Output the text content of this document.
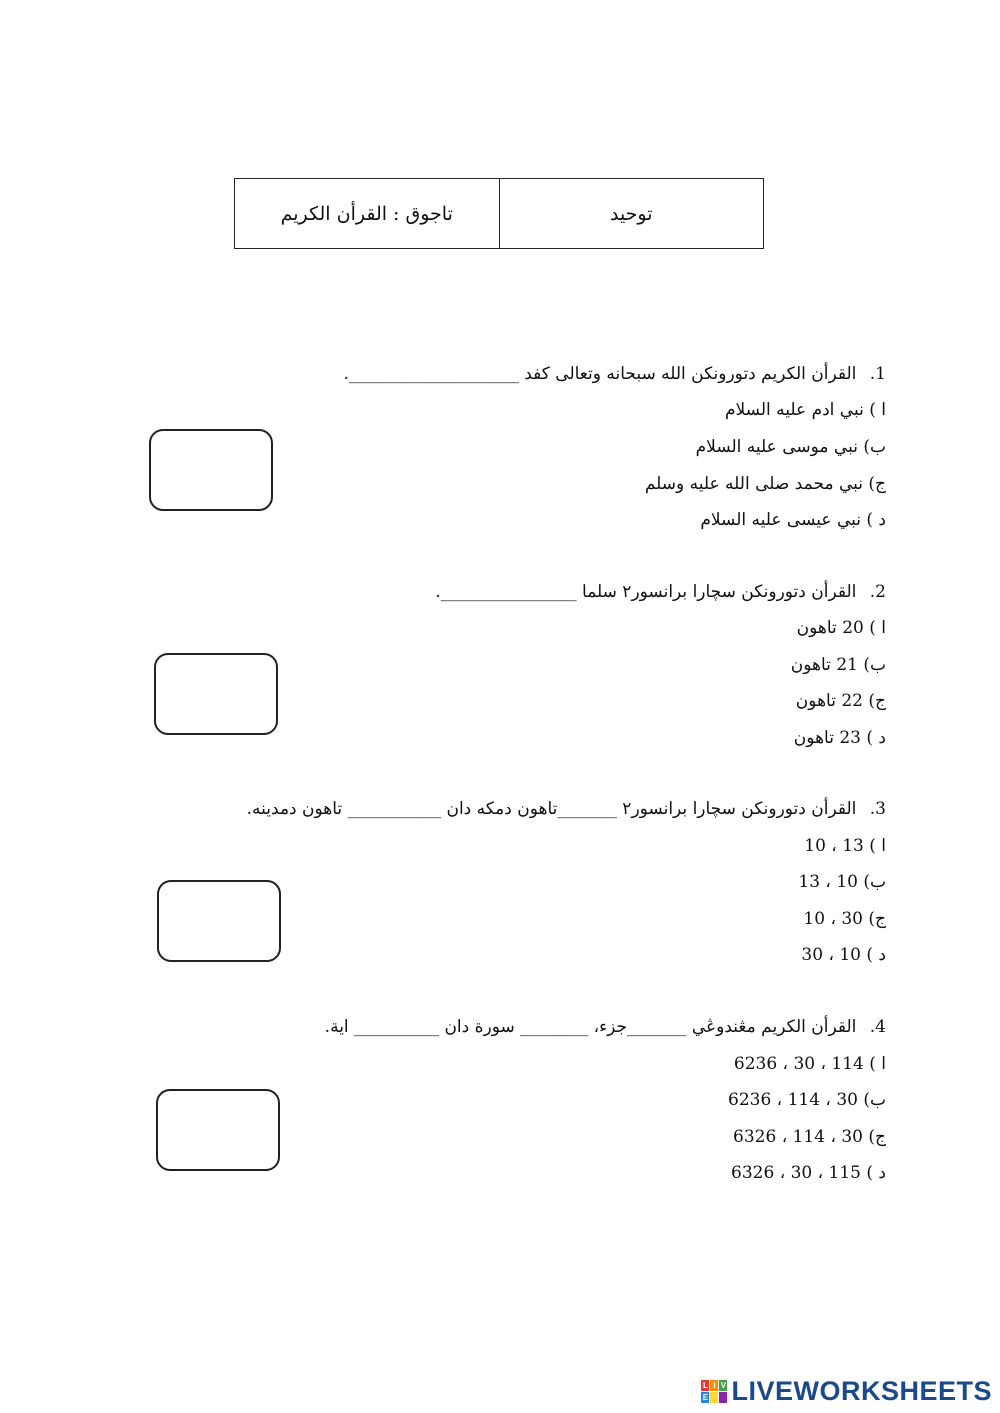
تاجوق : القرأن الكريم	توحيد
1. القرأن الكريم دتورونكن الله سبحانه وتعالى كفد ____________________.
ا ) نبي ادم عليه السلام
ب) نبي موسى عليه السلام
ج) نبي محمد صلى الله عليه وسلم
د ) نبي عيسى عليه السلام
2. القرأن دتورونكن سچارا برانسور٢ سلما ________________.
ا ) 20 تاهون
ب) 21 تاهون
ج) 22 تاهون
د ) 23 تاهون
3. القرأن دتورونكن سچارا برانسور٢ _______تاهون دمكه دان ___________ تاهون دمدينه.
ا ) 13 ، 10
ب) 10 ، 13
ج) 30 ، 10
د ) 10 ، 30
4. القرأن الكريم مڠندوڠي _______جزء، ________ سورة دان __________ اية.
ا ) 114 ، 30 ، 6236
ب) 30 ، 114 ، 6236
ج) 30 ، 114 ، 6326
د ) 115 ، 30 ، 6326
L I V
E LIVEWORKSHEETS
